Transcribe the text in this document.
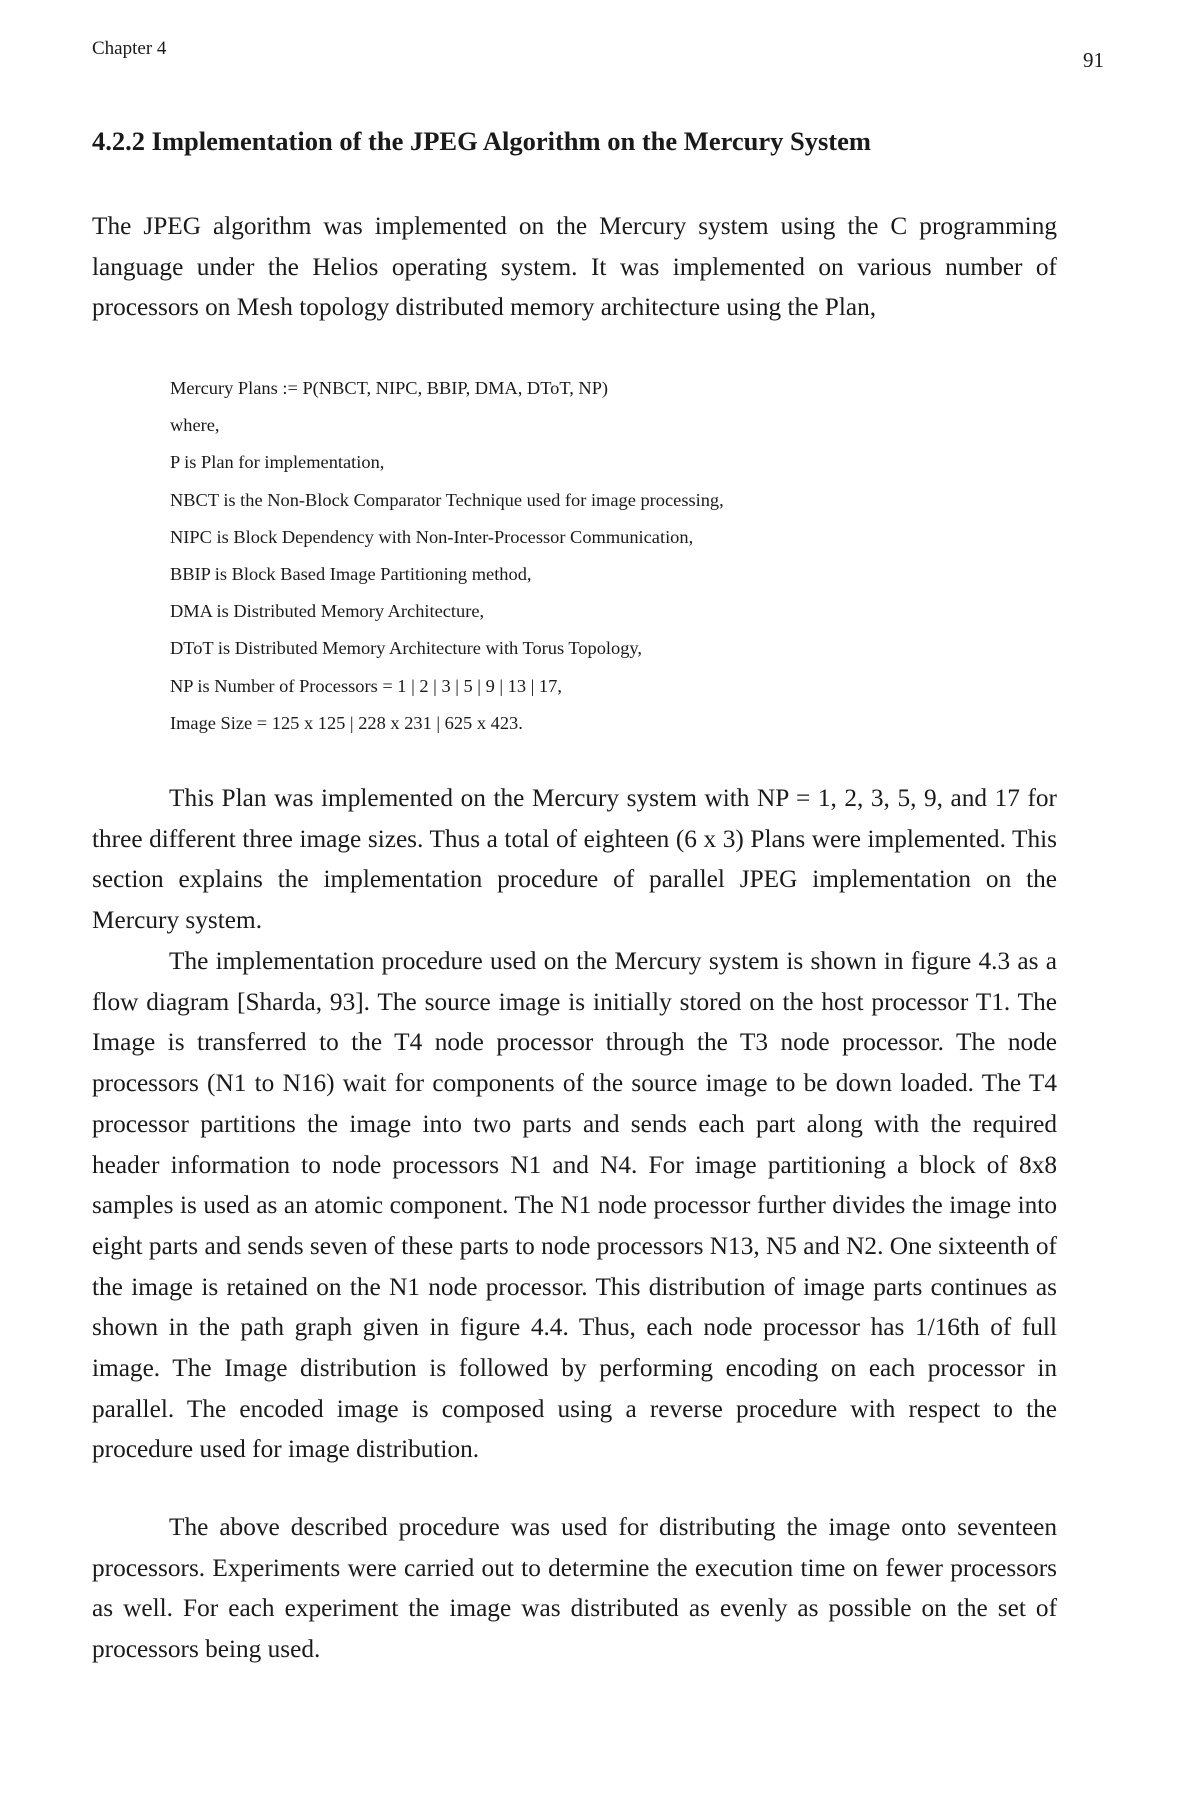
Chapter 4	91
4.2.2 Implementation of the JPEG Algorithm on the Mercury System

The JPEG algorithm was implemented on the Mercury system using the C programming language under the Helios operating system. It was implemented on various number of processors on Mesh topology distributed memory architecture using the Plan,

Mercury Plans := P(NBCT, NIPC, BBIP, DMA, DToT, NP)
where,
P is Plan for implementation,
NBCT is the Non-Block Comparator Technique used for image processing,
NIPC is Block Dependency with Non-Inter-Processor Communication,
BBIP is Block Based Image Partitioning method,
DMA is Distributed Memory Architecture,
DToT is Distributed Memory Architecture with Torus Topology,
NP is Number of Processors = 1 | 2 | 3 | 5 | 9 | 13 | 17,
Image Size = 125 x 125 | 228 x 231 | 625 x 423.

This Plan was implemented on the Mercury system with NP = 1, 2, 3, 5, 9, and 17 for three different three image sizes. Thus a total of eighteen (6 x 3) Plans were implemented. This section explains the implementation procedure of parallel JPEG implementation on the Mercury system.

The implementation procedure used on the Mercury system is shown in figure 4.3 as a flow diagram [Sharda, 93]. The source image is initially stored on the host processor T1. The Image is transferred to the T4 node processor through the T3 node processor. The node processors (N1 to N16) wait for components of the source image to be down loaded. The T4 processor partitions the image into two parts and sends each part along with the required header information to node processors N1 and N4. For image partitioning a block of 8x8 samples is used as an atomic component. The N1 node processor further divides the image into eight parts and sends seven of these parts to node processors N13, N5 and N2. One sixteenth of the image is retained on the N1 node processor. This distribution of image parts continues as shown in the path graph given in figure 4.4. Thus, each node processor has 1/16th of full image. The Image distribution is followed by performing encoding on each processor in parallel. The encoded image is composed using a reverse procedure with respect to the procedure used for image distribution.

The above described procedure was used for distributing the image onto seventeen processors. Experiments were carried out to determine the execution time on fewer processors as well. For each experiment the image was distributed as evenly as possible on the set of processors being used.
